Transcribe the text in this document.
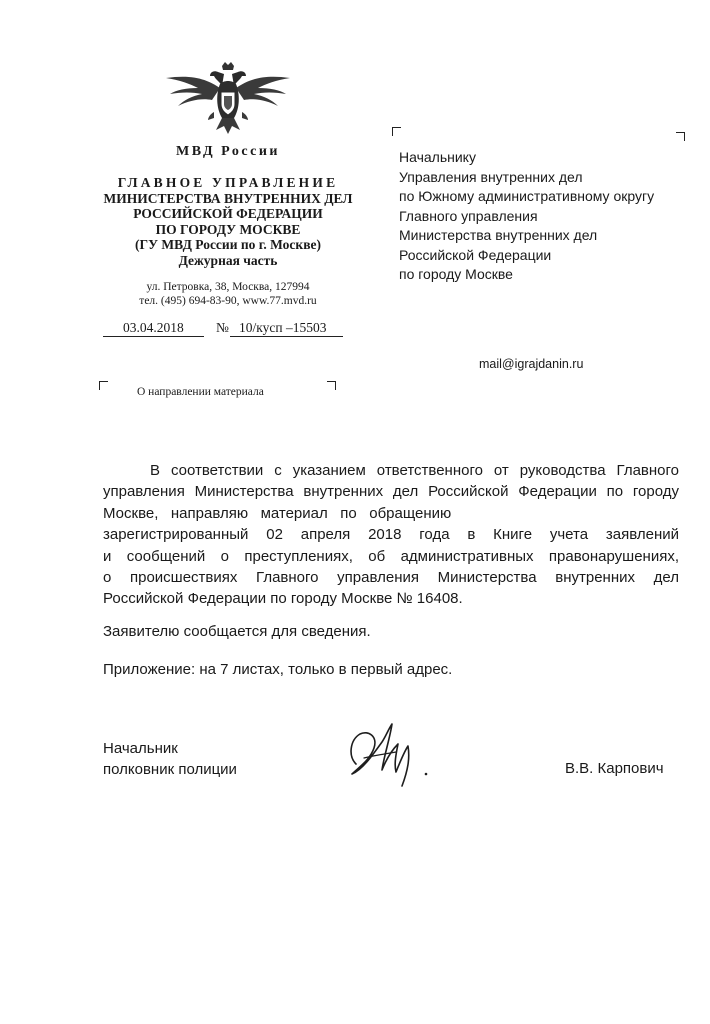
МВД России
ГЛАВНОЕ УПРАВЛЕНИЕ
МИНИСТЕРСТВА ВНУТРЕННИХ ДЕЛ
РОССИЙСКОЙ ФЕДЕРАЦИИ
ПО ГОРОДУ МОСКВЕ
(ГУ МВД России по г. Москве)
Дежурная часть
ул. Петровка, 38, Москва, 127994
тел. (495) 694-83-90, www.77.mvd.ru
03.04.2018 № 10/кусп –15503
О направлении материала
Начальнику
Управления внутренних дел
по Южному административному округу
Главного управления
Министерства внутренних дел
Российской Федерации
по городу Москве
mail@igrajdanin.ru
В соответствии с указанием ответственного от руководства Главного
управления Министерства внутренних дел Российской Федерации по городу
Москве,   направляю   материал   по   обращению
зарегистрированный 02 апреля 2018 года в Книге учета заявлений
и сообщений о преступлениях, об административных правонарушениях,
о происшествиях Главного управления Министерства внутренних дел
Российской Федерации по городу Москве № 16408.
Заявителю сообщается для сведения.
Приложение: на 7 листах, только в первый адрес.
Начальник
полковник полиции	В.В. Карпович
